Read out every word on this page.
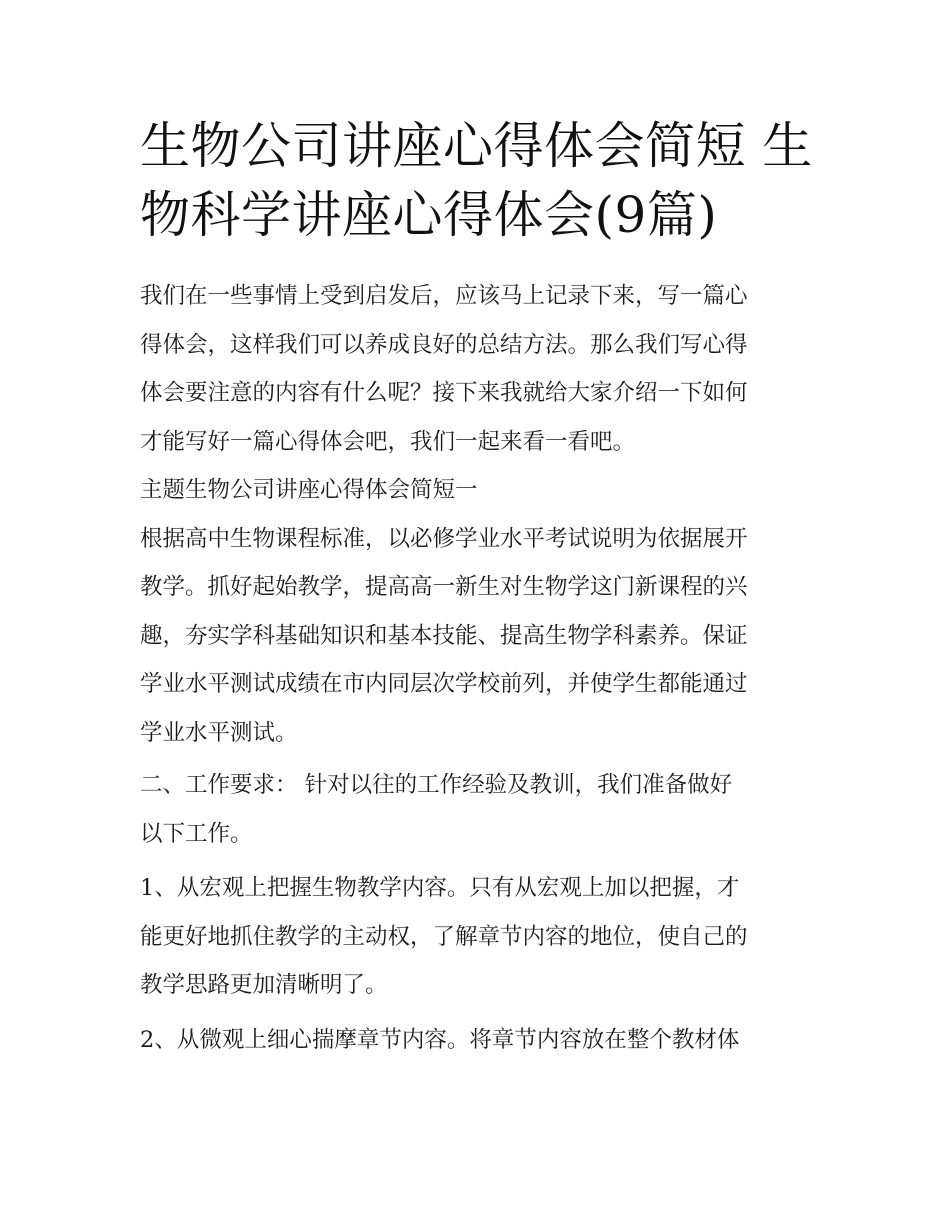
生物公司讲座心得体会简短 生
物科学讲座心得体会(9篇)
我们在一些事情上受到启发后，应该马上记录下来，写一篇心
得体会，这样我们可以养成良好的总结方法。那么我们写心得
体会要注意的内容有什么呢？接下来我就给大家介绍一下如何
才能写好一篇心得体会吧，我们一起来看一看吧。
主题生物公司讲座心得体会简短一
根据高中生物课程标准，以必修学业水平考试说明为依据展开
教学。抓好起始教学，提高高一新生对生物学这门新课程的兴
趣，夯实学科基础知识和基本技能、提高生物学科素养。保证
学业水平测试成绩在市内同层次学校前列，并使学生都能通过
学业水平测试。
二、工作要求： 针对以往的工作经验及教训，我们准备做好
以下工作。
1、从宏观上把握生物教学内容。只有从宏观上加以把握，才
能更好地抓住教学的主动权，了解章节内容的地位，使自己的
教学思路更加清晰明了。
2、从微观上细心揣摩章节内容。将章节内容放在整个教材体
